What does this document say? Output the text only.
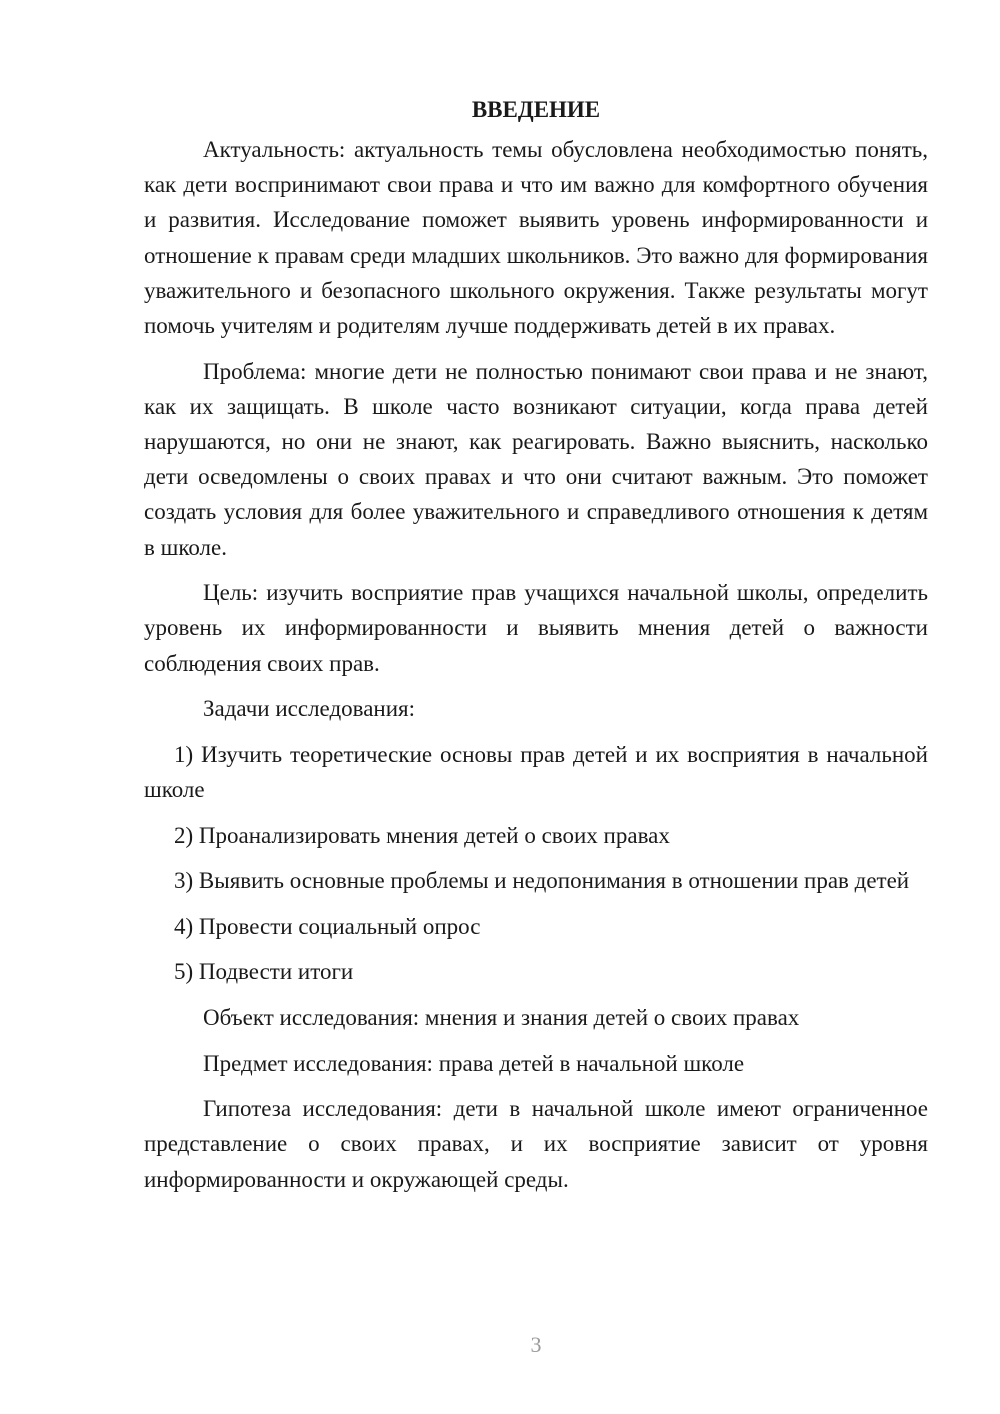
ВВЕДЕНИЕ

Актуальность: актуальность темы обусловлена необходимостью понять, как дети воспринимают свои права и что им важно для комфортного обучения и развития. Исследование поможет выявить уровень информированности и отношение к правам среди младших школьников. Это важно для формирования уважительного и безопасного школьного окружения. Также результаты могут помочь учителям и родителям лучше поддерживать детей в их правах.

Проблема: многие дети не полностью понимают свои права и не знают, как их защищать. В школе часто возникают ситуации, когда права детей нарушаются, но они не знают, как реагировать. Важно выяснить, насколько дети осведомлены о своих правах и что они считают важным. Это поможет создать условия для более уважительного и справедливого отношения к детям в школе.

Цель: изучить восприятие прав учащихся начальной школы, определить уровень их информированности и выявить мнения детей о важности соблюдения своих прав.

Задачи исследования:

1) Изучить теоретические основы прав детей и их восприятия в начальной школе

2) Проанализировать мнения детей о своих правах

3) Выявить основные проблемы и недопонимания в отношении прав детей

4) Провести социальный опрос

5) Подвести итоги

Объект исследования: мнения и знания детей о своих правах

Предмет исследования: права детей в начальной школе

Гипотеза исследования: дети в начальной школе имеют ограниченное представление о своих правах, и их восприятие зависит от уровня информированности и окружающей среды.

3
